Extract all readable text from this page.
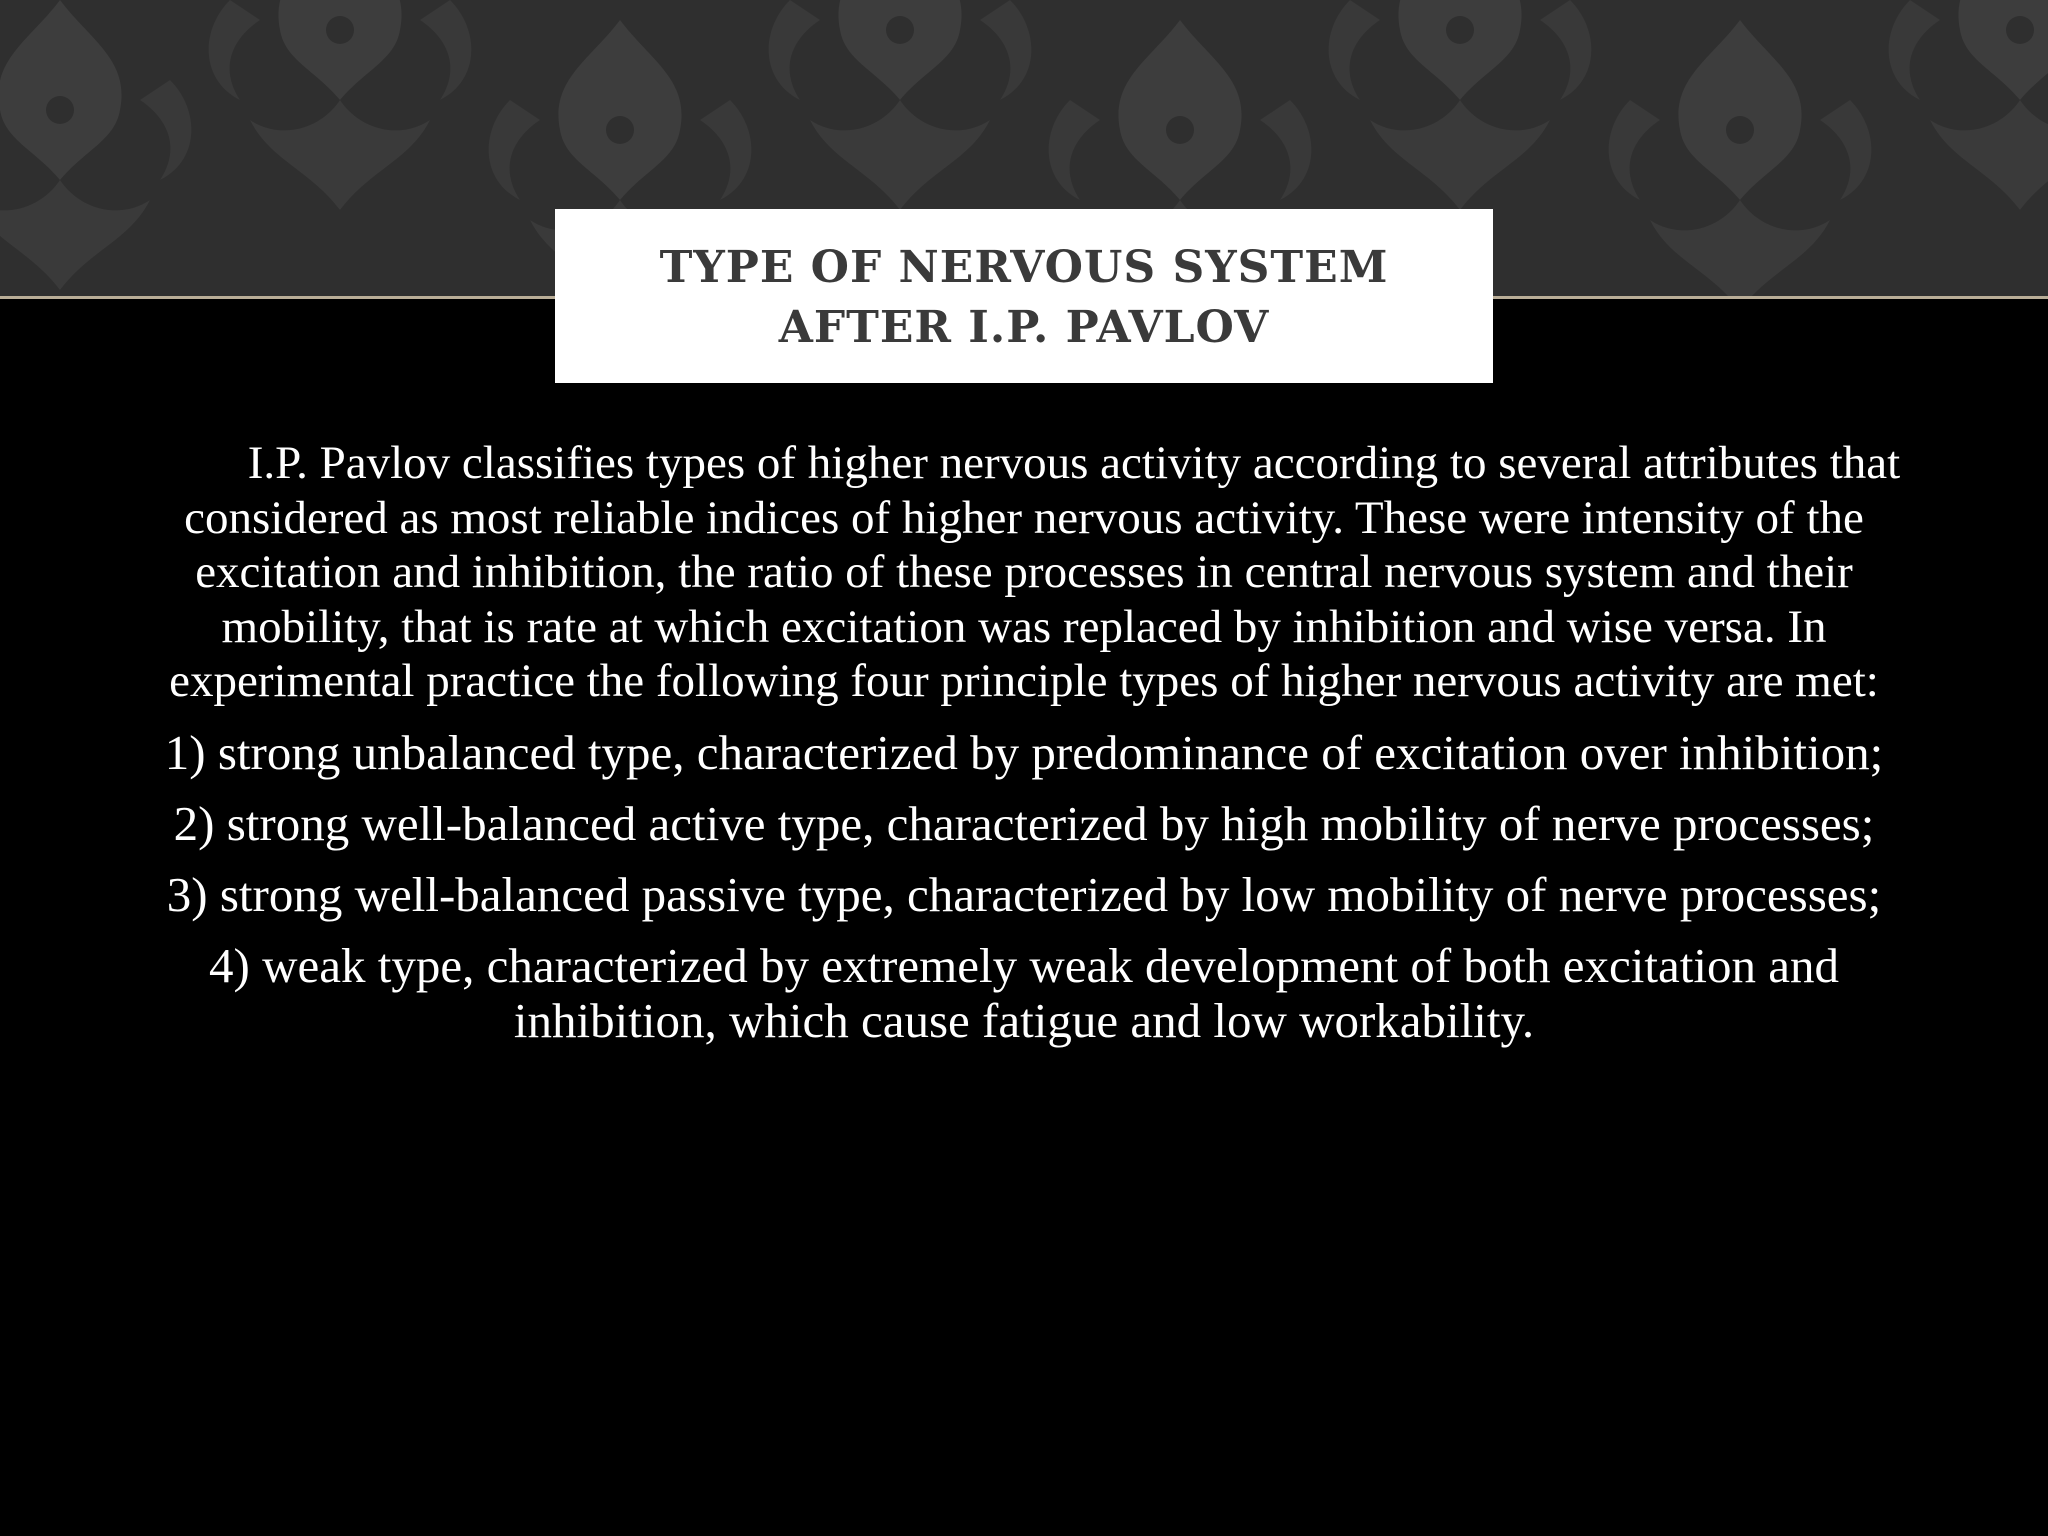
TYPE OF NERVOUS SYSTEM
AFTER I.P. PAVLOV

I.P. Pavlov classifies types of higher nervous activity according to several attributes that considered as most reliable indices of higher nervous activity. These were intensity of the excitation and inhibition, the ratio of these processes in central nervous system and their mobility, that is rate at which excitation was replaced by inhibition and wise versa. In experimental practice the following four principle types of higher nervous activity are met:

1) strong unbalanced type, characterized by predominance of excitation over inhibition;

2) strong well-balanced active type, characterized by high mobility of nerve processes;

3) strong well-balanced passive type, characterized by low mobility of nerve processes;

4) weak type, characterized by extremely weak development of both excitation and inhibition, which cause fatigue and low workability.
